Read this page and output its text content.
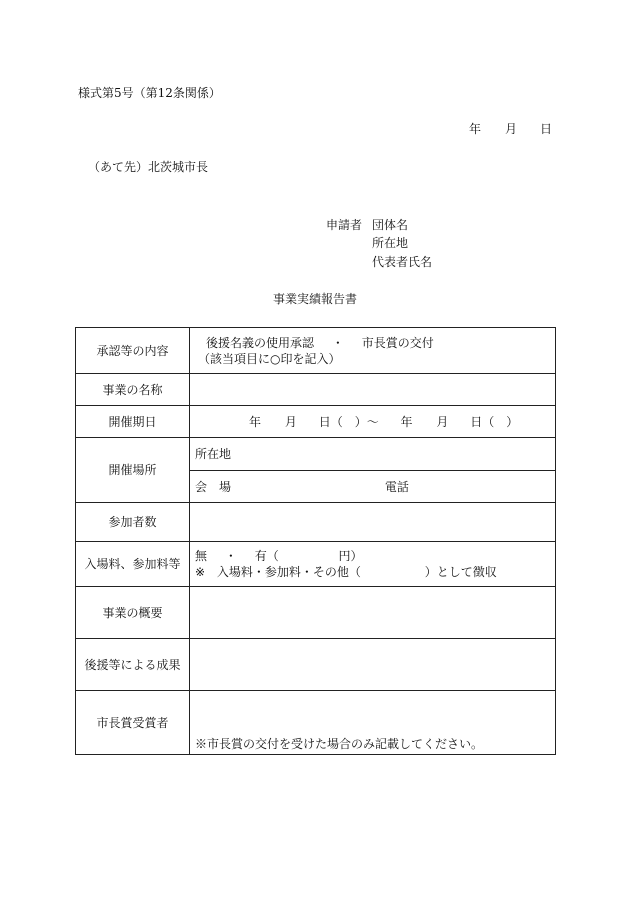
様式第5号（第12条関係）
年 月 日
（あて先）北茨城市長
申請者 団体名
所在地
代表者氏名
事業実績報告書
承認等の内容	後援名義の使用承認 ・ 市長賞の交付
（該当項目に○印を記入）

事業の名称	
開催期日	年 月 日（　）～ 年 月 日（　）

開催場所	所在地

	会　場 電話

参加者数	
入場料、参加料等	無 ・ 有（ 円）
※ 入場料・参加料・その他（ ）として徴収

事業の概要	
後援等による成果	
市長賞受賞者	※市長賞の交付を受けた場合のみ記載してください。
